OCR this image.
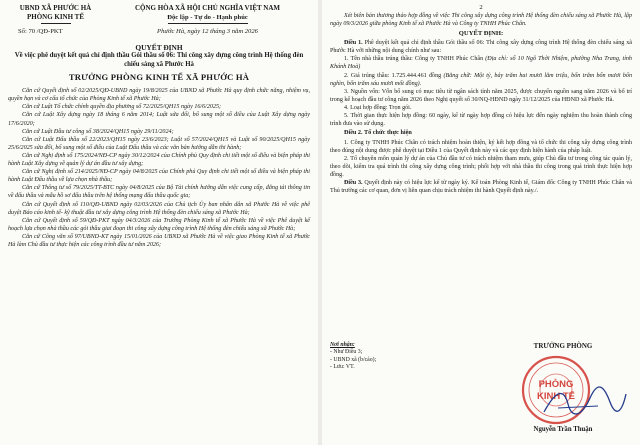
UBND XÃ PHƯỚC HÀ
PHÒNG KINH TẾ
CỘNG HÒA XÃ HỘI CHỦ NGHĨA VIỆT NAM
Độc lập - Tự do - Hạnh phúc
Số: 70 /QĐ-PKT	Phước Hà, ngày 12 tháng 3 năm 2026
QUYẾT ĐỊNH
Về việc phê duyệt kết quả chỉ định thầu Gói thầu số 06: Thi công xây dựng công trình Hệ thống đèn chiếu sáng xã Phước Hà
TRƯỞNG PHÒNG KINH TẾ XÃ PHƯỚC HÀ

Căn cứ Quyết định số 02/2025/QĐ-UBND ngày 19/8/2025 của UBND xã Phước Hà quy định chức năng, nhiệm vụ, quyền hạn và cơ cấu tổ chức của Phòng Kinh tế xã Phước Hà;

Căn cứ Luật Tổ chức chính quyền địa phương số 72/2025/QH15 ngày 16/6/2025;

Căn cứ Luật Xây dựng ngày 18 tháng 6 năm 2014; Luật sửa đổi, bổ sung một số điều của Luật Xây dựng ngày 17/6/2020;

Căn cứ Luật Đầu tư công số 38/2024/QH15 ngày 29/11/2024;

Căn cứ Luật Đấu thầu số 22/2023/QH15 ngày 23/6/2023; Luật số 57/2024/QH15 và Luật số 90/2025/QH15 ngày 25/6/2025 sửa đổi, bổ sung một số điều của Luật Đấu thầu và các văn bản hướng dẫn thi hành;

Căn cứ Nghị định số 175/2024/NĐ-CP ngày 30/12/2024 của Chính phủ Quy định chi tiết một số điều và biện pháp thi hành Luật Xây dựng về quản lý dự án đầu tư xây dựng;

Căn cứ Nghị định số 214/2025/NĐ-CP ngày 04/8/2025 của Chính phủ Quy định chi tiết một số điều và biện pháp thi hành Luật Đấu thầu về lựa chọn nhà thầu;

Căn cứ Thông tư số 79/2025/TT-BTC ngày 04/8/2025 của Bộ Tài chính hướng dẫn việc cung cấp, đăng tải thông tin về đấu thầu và mẫu hồ sơ đấu thầu trên hệ thống mạng đấu thầu quốc gia;

Căn cứ Quyết định số 110/QĐ-UBND ngày 02/03/2026 của Chủ tịch Ủy ban nhân dân xã Phước Hà về việc phê duyệt Báo cáo kinh tế- kỹ thuật đầu tư xây dựng công trình Hệ thống đèn chiếu sáng xã Phước Hà;

Căn cứ Quyết định số 59/QĐ-PKT ngày 04/3/2026 của Trưởng Phòng Kinh tế xã Phước Hà về việc Phê duyệt kế hoạch lựa chọn nhà thầu các gói thầu giai đoạn thi công xây dựng công trình Hệ thống đèn chiếu sáng xã Phước Hà;

Căn cứ Công văn số 97/UBND-KT ngày 15/01/2026 của UBND xã Phước Hà về việc giao Phòng Kinh tế xã Phước Hà làm Chủ đầu tư thực hiện các công trình đầu tư năm 2026;

2

Xét biên bản thương thảo hợp đồng về việc Thi công xây dựng công trình Hệ thống đèn chiếu sáng xã Phước Hà, lập ngày 09/3/2026 giữa phòng Kinh tế xã Phước Hà và Công ty TNHH Phúc Chân.

QUYẾT ĐỊNH:

Điều 1. Phê duyệt kết quả chỉ định thầu Gói thầu số 06: Thi công xây dựng công trình Hệ thống đèn chiếu sáng xã Phước Hà với những nội dung chính như sau:

1. Tên nhà thầu trúng thầu: Công ty TNHH Phúc Chân (Địa chỉ: số 10 Ngô Thời Nhiệm, phường Nha Trang, tỉnh Khánh Hoà)

2. Giá trúng thầu: 1.725.444.461 đồng (Bằng chữ: Một tỷ, bảy trăm hai mươi lăm triệu, bốn trăm bốn mươi bốn nghìn, bốn trăm sáu mươi mốt đồng).

3. Nguồn vốn: Vốn bổ sung có mục tiêu từ ngân sách tỉnh năm 2025, được chuyển nguồn sang năm 2026 và bố trí trong kế hoạch đầu tư công năm 2026 theo Nghị quyết số 30/NQ-HĐND ngày 31/12/2025 của HĐND xã Phước Hà.

4. Loại hợp đồng: Trọn gói.

5. Thời gian thực hiện hợp đồng: 60 ngày, kể từ ngày hợp đồng có hiệu lực đến ngày nghiệm thu hoàn thành công trình đưa vào sử dụng.

Điều 2. Tổ chức thực hiện

1. Công ty TNHH Phúc Chân có trách nhiệm hoàn thiện, ký kết hợp đồng và tổ chức thi công xây dựng công trình theo đúng nội dung được phê duyệt tại Điều 1 của Quyết định này và các quy định hiện hành của pháp luật.

2. Tổ chuyên môn quản lý dự án của Chủ đầu tư có trách nhiệm tham mưu, giúp Chủ đầu tư trong công tác quản lý, theo dõi, kiểm tra quá trình thi công xây dựng công trình; phối hợp với nhà thầu thi công trong quá trình thực hiện hợp đồng.

Điều 3. Quyết định này có hiệu lực kể từ ngày ký. Kế toán Phòng Kinh tế, Giám đốc Công ty TNHH Phúc Chân và Thủ trưởng các cơ quan, đơn vị liên quan chịu trách nhiệm thi hành Quyết định này./.

Nơi nhận:
- Như Điều 3;
- UBND xã (b/cáo);
- Lưu: VT.
TRƯỞNG PHÒNG
PHÒNG
KINH TẾ
Nguyễn Trần Thuận
